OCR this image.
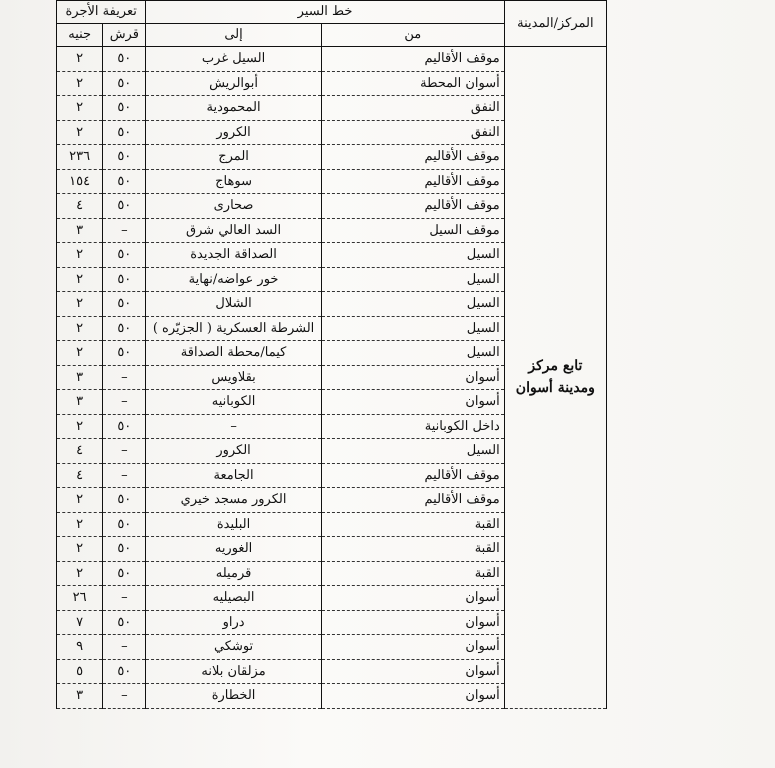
المركز/المدينة	خط السير		تعريفة الأجرة	
	من	إلى	قرش	جنيه
تابع مركز ومدينة أسوان	موقف الأقاليم	السيل غرب	٥٠	٢
	أسوان المحطة	أبوالريش	٥٠	٢
	النفق	المحمودية	٥٠	٢
	النفق	الكرور	٥٠	٢
	موقف الأقاليم	المرج	٥٠	٢٣٦
	موقف الأقاليم	سوهاج	٥٠	١٥٤
	موقف الأقاليم	صحارى	٥٠	٤
	موقف السيل	السد العالي شرق	–	٣
	السيل	الصداقة الجديدة	٥٠	٢
	السيل	خور عواضه/نهاية	٥٠	٢
	السيل	الشلال	٥٠	٢
	السيل	الشرطة العسكرية ( الجزيّره )	٥٠	٢
	السيل	كيما/محطة الصداقة	٥٠	٢
	أسوان	بقلاويس	–	٣
	أسوان	الكوبانيه	–	٣
	داخل الكوبانية	–	٥٠	٢
	السيل	الكرور	–	٤
	موقف الأقاليم	الجامعة	–	٤
	موقف الأقاليم	الكرور مسجد خيري	٥٠	٢
	القبة	البليدة	٥٠	٢
	القبة	الغوريه	٥٠	٢
	القبة	قرميله	٥٠	٢
	أسوان	البصيليه	–	٢٦
	أسوان	دراو	٥٠	٧
	أسوان	توشكي	–	٩
	أسوان	مزلقان بلانه	٥٠	٥
	أسوان	الخطارة	–	٣
